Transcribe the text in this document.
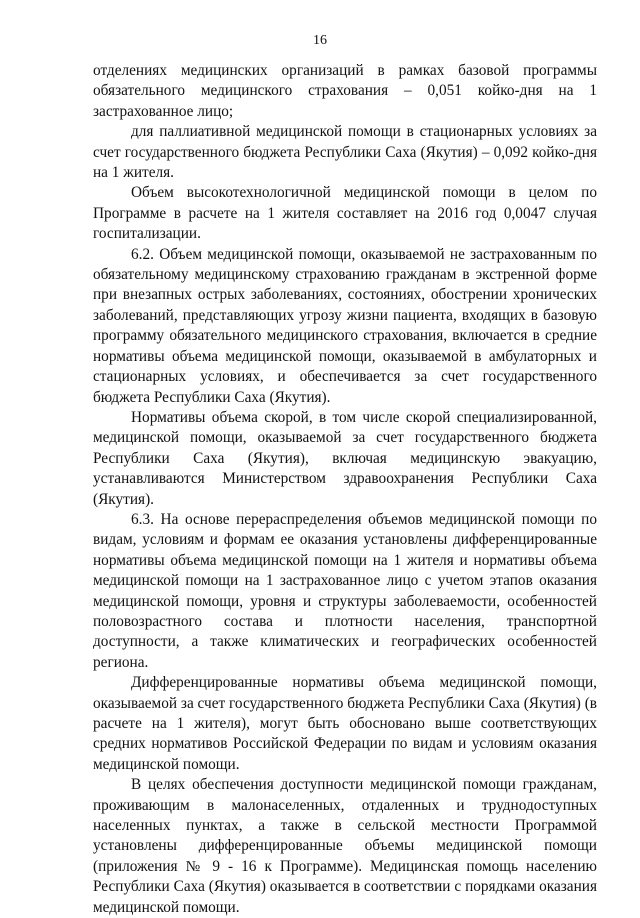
16

отделениях медицинских организаций в рамках базовой программы обязательного медицинского страхования – 0,051 койко-дня на 1 застрахованное лицо;

для паллиативной медицинской помощи в стационарных условиях за счет государственного бюджета Республики Саха (Якутия) – 0,092 койко-дня на 1 жителя.

Объем высокотехнологичной медицинской помощи в целом по Программе в расчете на 1 жителя составляет на 2016 год 0,0047 случая госпитализации.

6.2. Объем медицинской помощи, оказываемой не застрахованным по обязательному медицинскому страхованию гражданам в экстренной форме при внезапных острых заболеваниях, состояниях, обострении хронических заболеваний, представляющих угрозу жизни пациента, входящих в базовую программу обязательного медицинского страхования, включается в средние нормативы объема медицинской помощи, оказываемой в амбулаторных и стационарных условиях, и обеспечивается за счет государственного бюджета Республики Саха (Якутия).

Нормативы объема скорой, в том числе скорой специализированной, медицинской помощи, оказываемой за счет государственного бюджета Республики Саха (Якутия), включая медицинскую эвакуацию, устанавливаются Министерством здравоохранения Республики Саха (Якутия).

6.3. На основе перераспределения объемов медицинской помощи по видам, условиям и формам ее оказания установлены дифференцированные нормативы объема медицинской помощи на 1 жителя и нормативы объема медицинской помощи на 1 застрахованное лицо с учетом этапов оказания медицинской помощи, уровня и структуры заболеваемости, особенностей половозрастного состава и плотности населения, транспортной доступности, а также климатических и географических особенностей региона.

Дифференцированные нормативы объема медицинской помощи, оказываемой за счет государственного бюджета Республики Саха (Якутия) (в расчете на 1 жителя), могут быть обосновано выше соответствующих средних нормативов Российской Федерации по видам и условиям оказания медицинской помощи.

В целях обеспечения доступности медицинской помощи гражданам, проживающим в малонаселенных, отдаленных и труднодоступных населенных пунктах, а также в сельской местности Программой установлены дифференцированные объемы медицинской помощи (приложения № 9 - 16 к Программе). Медицинская помощь населению Республики Саха (Якутия) оказывается в соответствии с порядками оказания медицинской помощи.
